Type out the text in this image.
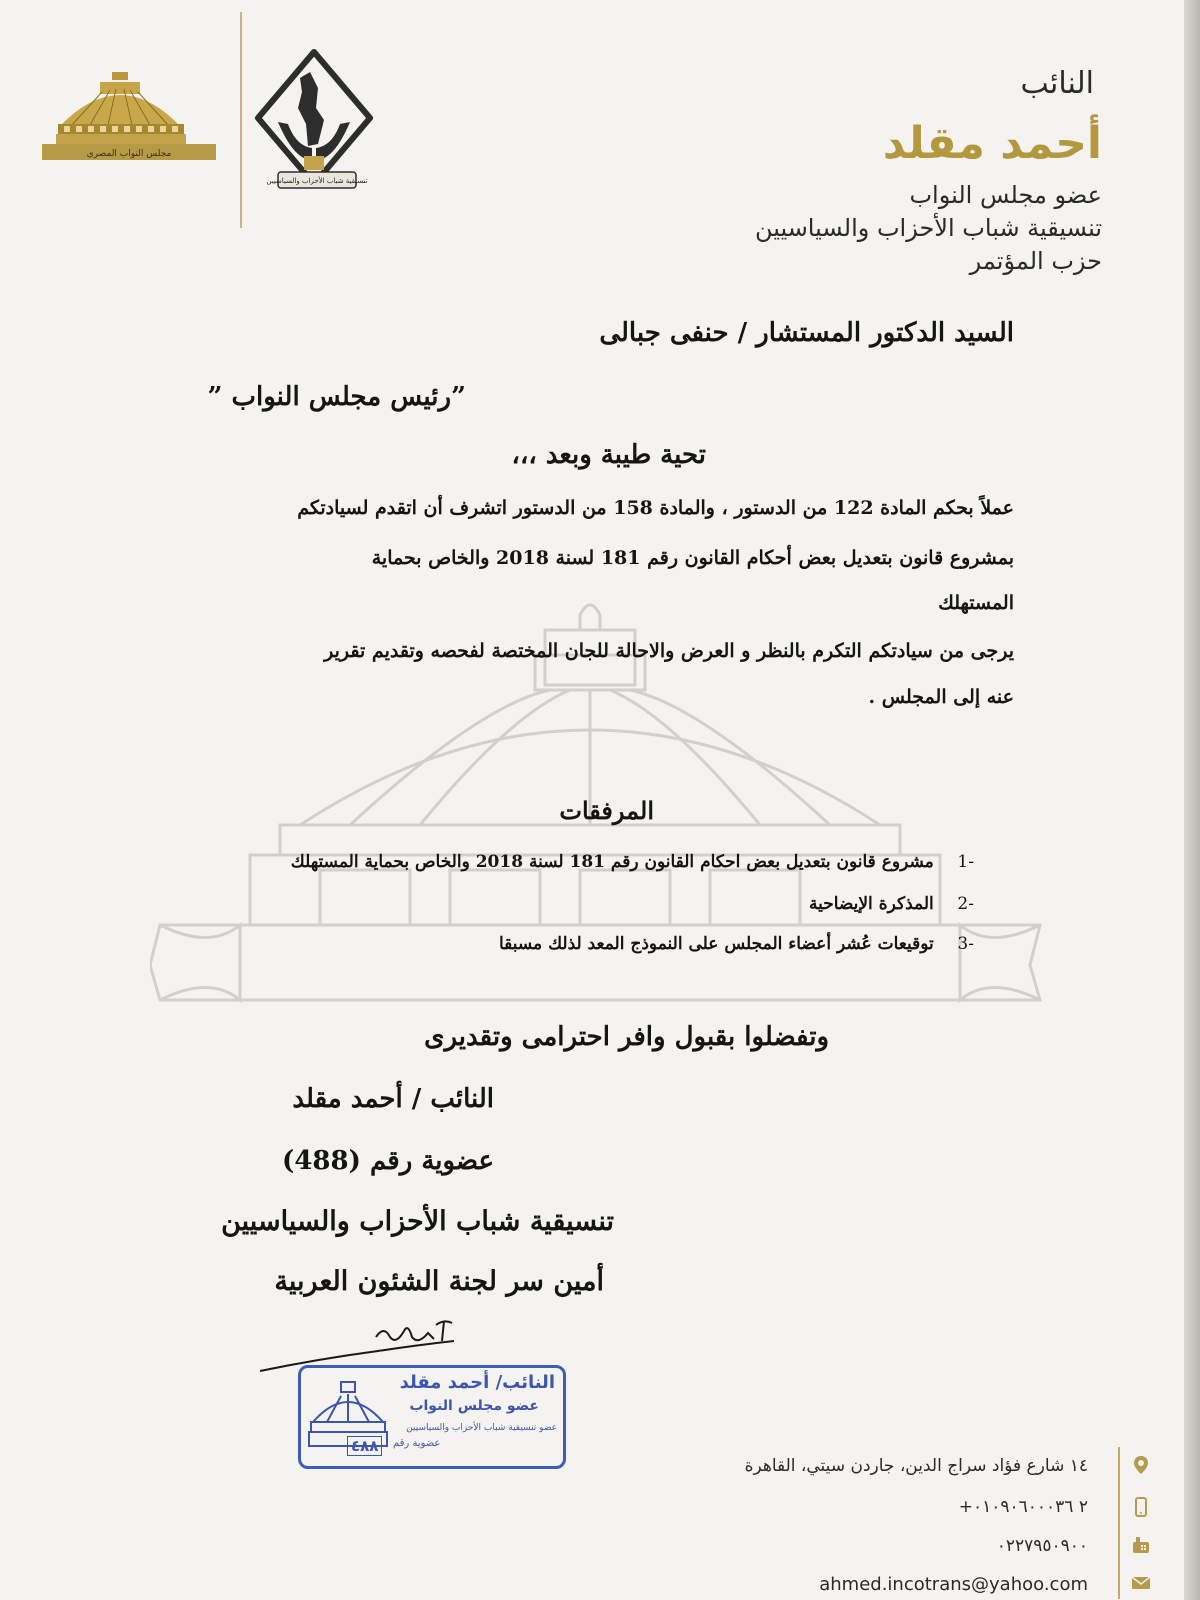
مجلس النواب المصري
تنسيقية شباب الأحزاب والسياسيين
النائب
أحمد مقلد
عضو مجلس النواب
تنسيقية شباب الأحزاب والسياسيين
حزب المؤتمر
السيد الدكتور المستشار / حنفى جبالى
”رئيس مجلس النواب ”
تحية طيبة وبعد ،،،
عملاً بحكم المادة 122 من الدستور ، والمادة 158 من الدستور اتشرف أن اتقدم لسيادتكم
بمشروع قانون بتعديل بعض أحكام القانون رقم 181 لسنة 2018 والخاص بحماية
المستهلك
يرجى من سيادتكم التكرم بالنظر و العرض والاحالة للجان المختصة لفحصه وتقديم تقرير
عنه إلى المجلس .
المرفقات
-1    مشروع قانون بتعديل بعض احكام القانون رقم 181 لسنة 2018 والخاص بحماية المستهلك
-2    المذكرة الإيضاحية
-3    توقيعات عُشر أعضاء المجلس على النموذج المعد لذلك مسبقا
وتفضلوا بقبول وافر احترامى وتقديرى
النائب / أحمد مقلد
عضوية رقم (488)
تنسيقية شباب الأحزاب والسياسيين
أمين سر لجنة الشئون العربية
النائب/ أحمد مقلد
عضو مجلس النواب
عضو تنسيقية شباب الأحزاب والسياسيين
عضوية رقم
٤٨٨
١٤ شارع فؤاد سراج الدين، جاردن سيتي، القاهرة
+٢ ٠١٠٩٠٦٠٠٠٣٦
٠٢٢٧٩٥٠٩٠٠
ahmed.incotrans@yahoo.com
